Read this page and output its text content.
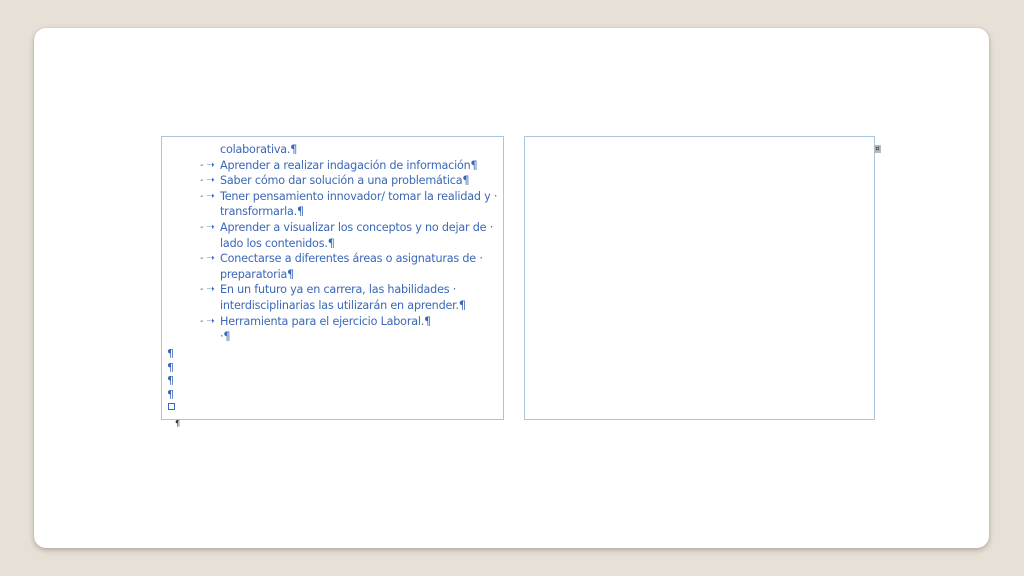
colaborativa.¶
- ➝ Aprender a realizar indagación de información¶
- ➝ Saber cómo dar solución a una problemática¶
- ➝ Tener pensamiento innovador/ tomar la realidad y ·
transformarla.¶
- ➝ Aprender a visualizar los conceptos y no dejar de ·
lado los contenidos.¶
- ➝ Conectarse a diferentes áreas o asignaturas de ·
preparatoria¶
- ➝ En un futuro ya en carrera, las habilidades ·
interdisciplinarias las utilizarán en aprender.¶
- ➝ Herramienta para el ejercicio Laboral.¶
·¶
¶
¶
¶
¶
¤
¶
